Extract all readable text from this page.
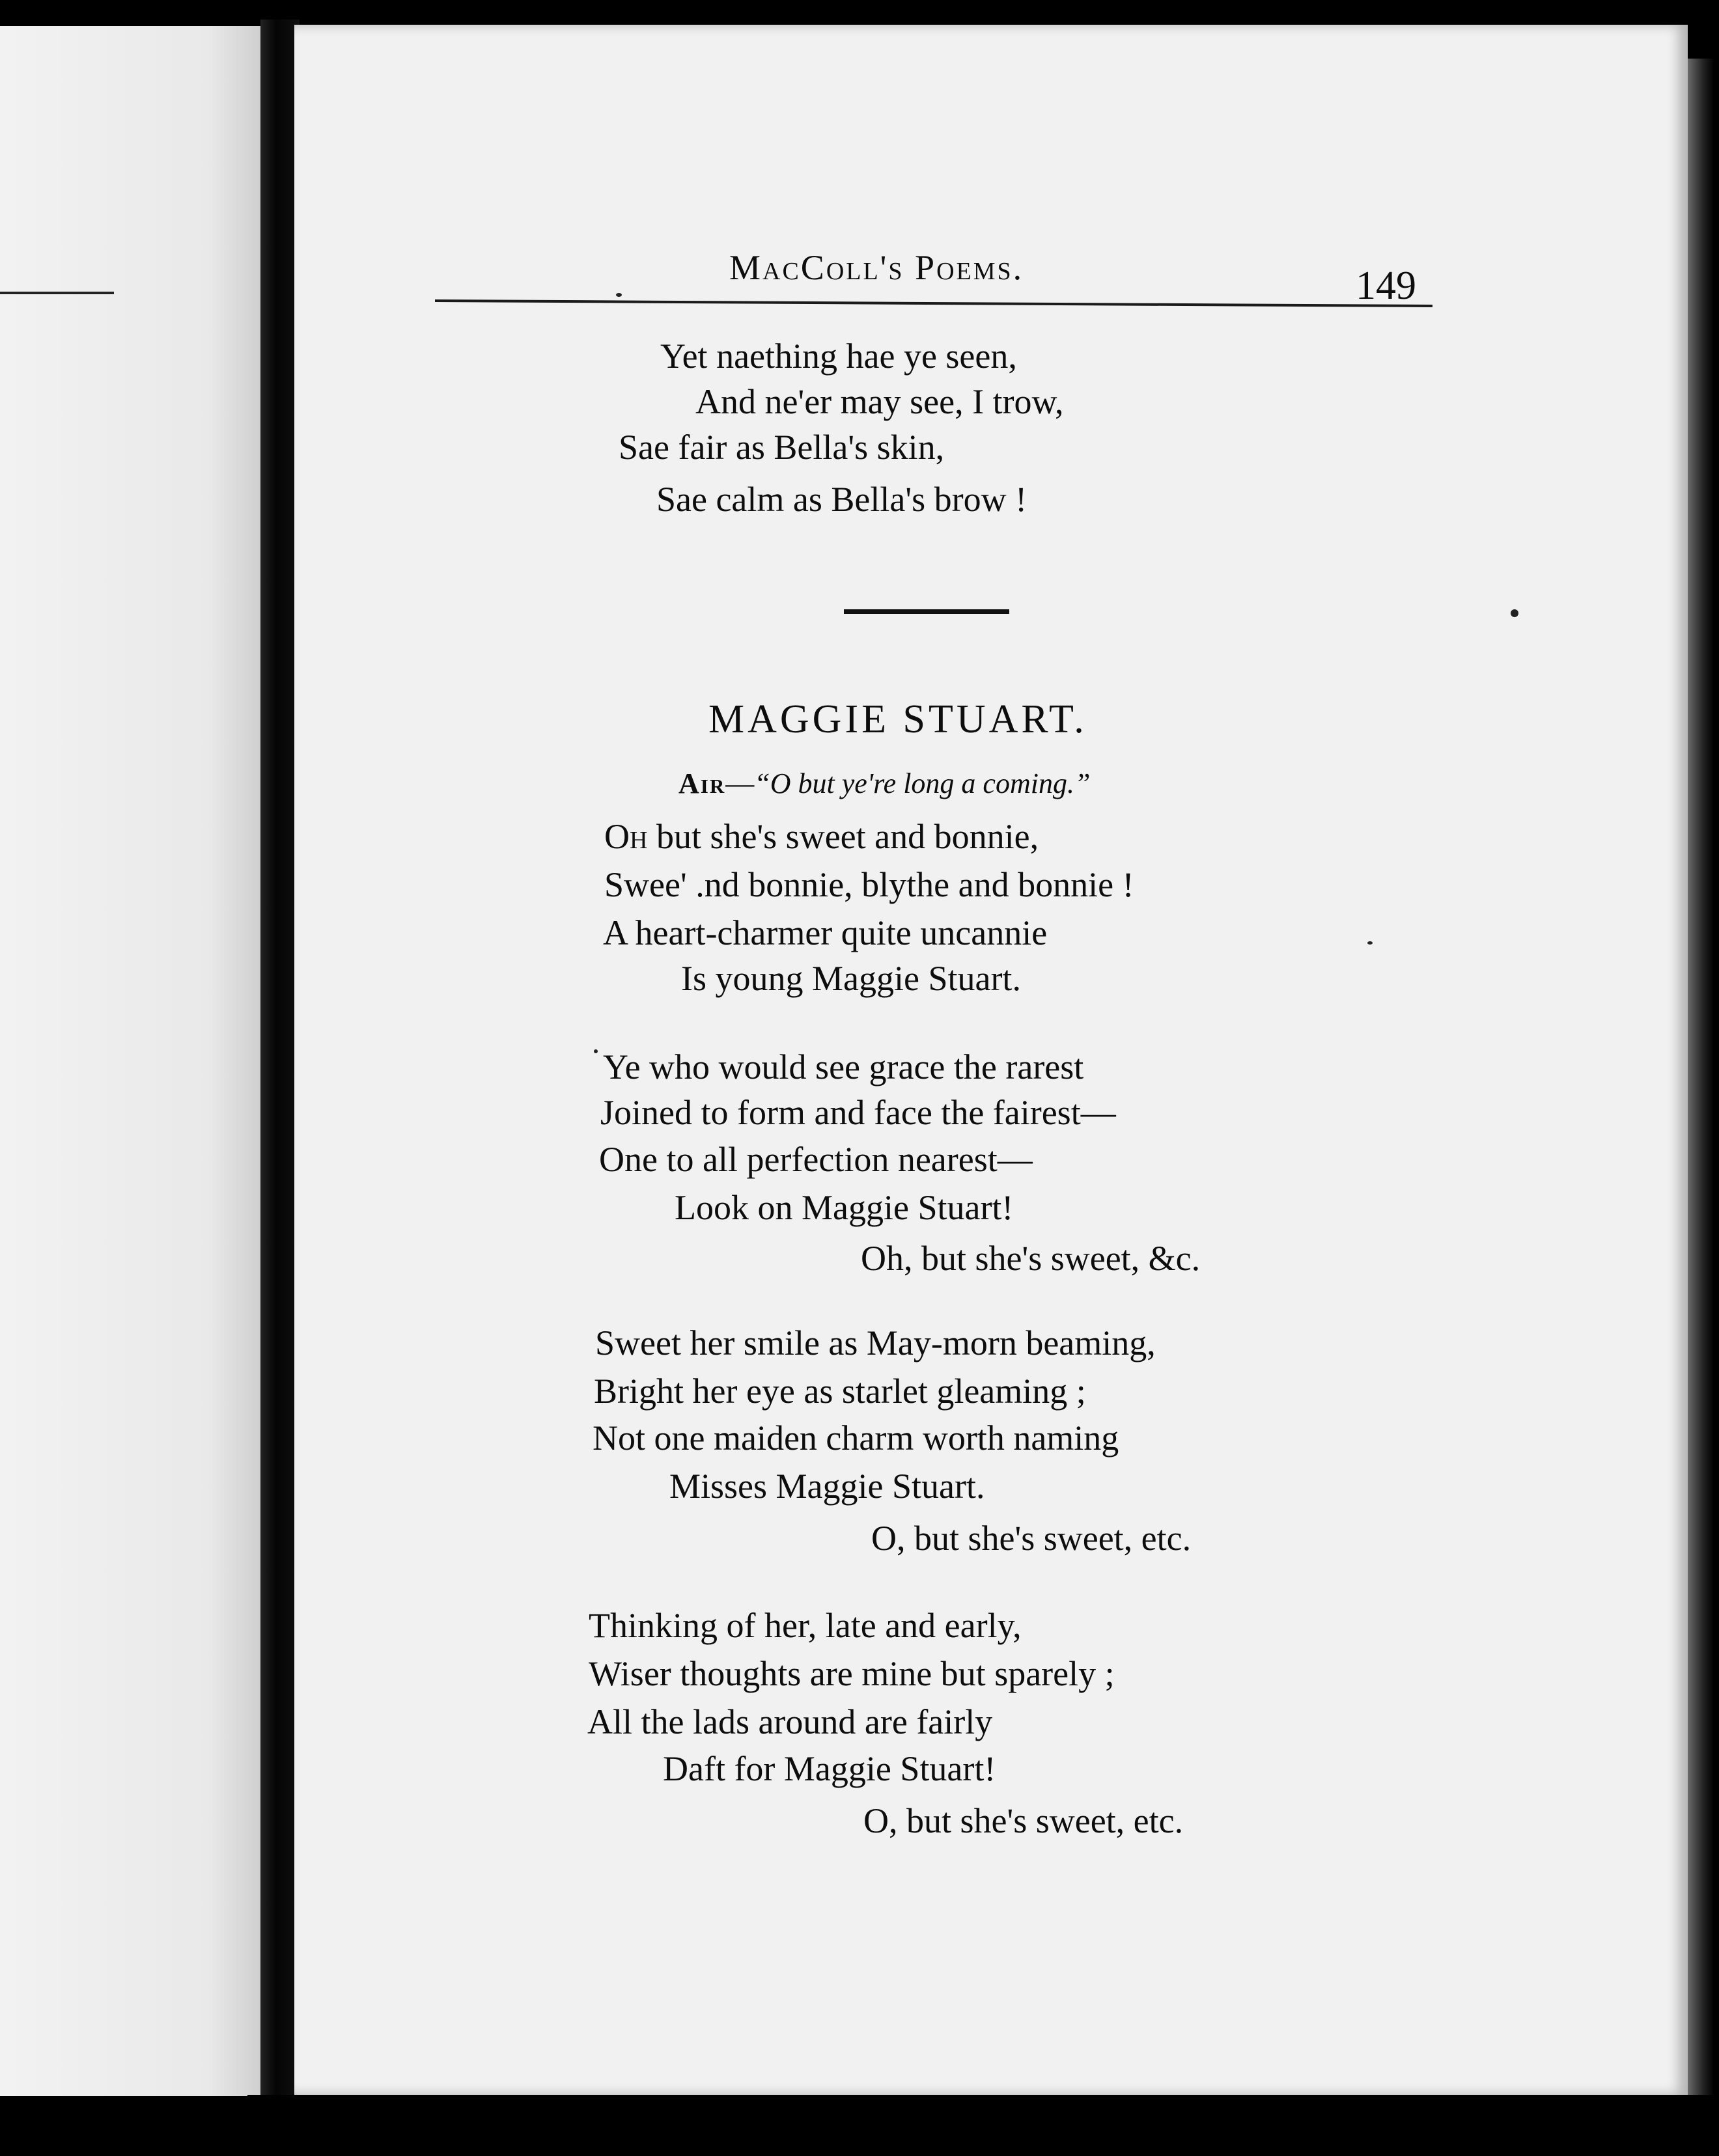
MacColl's Poems.	149
Yet naething hae ye seen,
And ne'er may see, I trow,
Sae fair as Bella's skin,
Sae calm as Bella's brow !
MAGGIE STUART.
Air—“O but ye're long a coming.”
Oh but she's sweet and bonnie,
Swee' .nd bonnie, blythe and bonnie !
A heart-charmer quite uncannie
Is young Maggie Stuart.
Ye who would see grace the rarest
Joined to form and face the fairest—
One to all perfection nearest—
Look on Maggie Stuart!
Oh, but she's sweet, &c.
Sweet her smile as May-morn beaming,
Bright her eye as starlet gleaming ;
Not one maiden charm worth naming
Misses Maggie Stuart.
O, but she's sweet, etc.
Thinking of her, late and early,
Wiser thoughts are mine but sparely ;
All the lads around are fairly
Daft for Maggie Stuart!
O, but she's sweet, etc.
